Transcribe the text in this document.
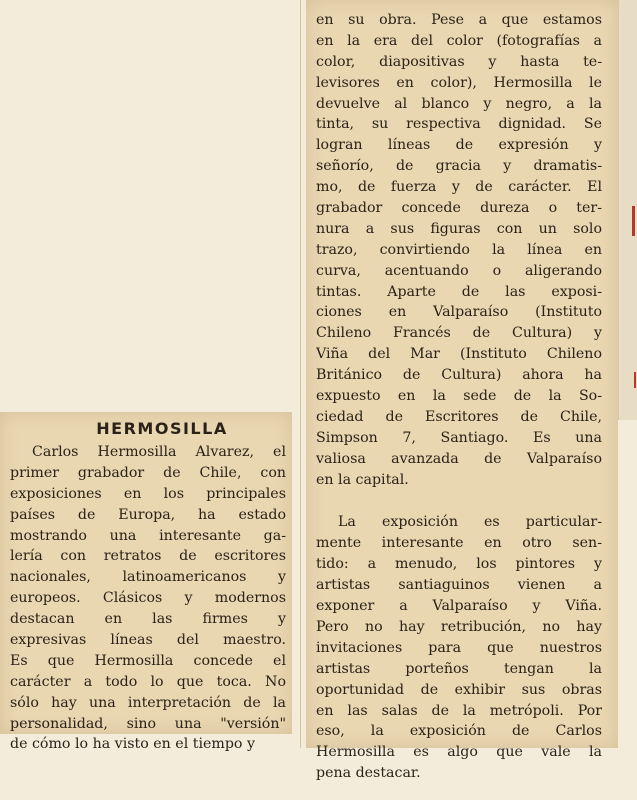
en su obra. Pese a que estamos
en la era del color (fotografías a
color, diapositivas y hasta te-
levisores en color), Hermosilla le
devuelve al blanco y negro, a la
tinta, su respectiva dignidad. Se
logran líneas de expresión y
señorío, de gracia y dramatis-
mo, de fuerza y de carácter. El
grabador concede dureza o ter-
nura a sus figuras con un solo
trazo, convirtiendo la línea en
curva, acentuando o aligerando
tintas. Aparte de las exposi-
ciones en Valparaíso (Instituto
Chileno Francés de Cultura) y
Viña del Mar (Instituto Chileno
Británico de Cultura) ahora ha
expuesto en la sede de la So-
ciedad de Escritores de Chile,
Simpson 7, Santiago. Es una
valiosa avanzada de Valparaíso
en la capital.
La exposición es particular-
mente interesante en otro sen-
tido: a menudo, los pintores y
artistas santiaguinos vienen a
exponer a Valparaíso y Viña.
Pero no hay retribución, no hay
invitaciones para que nuestros
artistas porteños tengan la
oportunidad de exhibir sus obras
en las salas de la metrópoli. Por
eso, la exposición de Carlos
Hermosilla es algo que vale la
pena destacar.
HERMOSILLA
Carlos Hermosilla Alvarez, el
primer grabador de Chile, con
exposiciones en los principales
países de Europa, ha estado
mostrando una interesante ga-
lería con retratos de escritores
nacionales, latinoamericanos y
europeos. Clásicos y modernos
destacan en las firmes y
expresivas líneas del maestro.
Es que Hermosilla concede el
carácter a todo lo que toca. No
sólo hay una interpretación de la
personalidad, sino una "versión"
de cómo lo ha visto en el tiempo y
